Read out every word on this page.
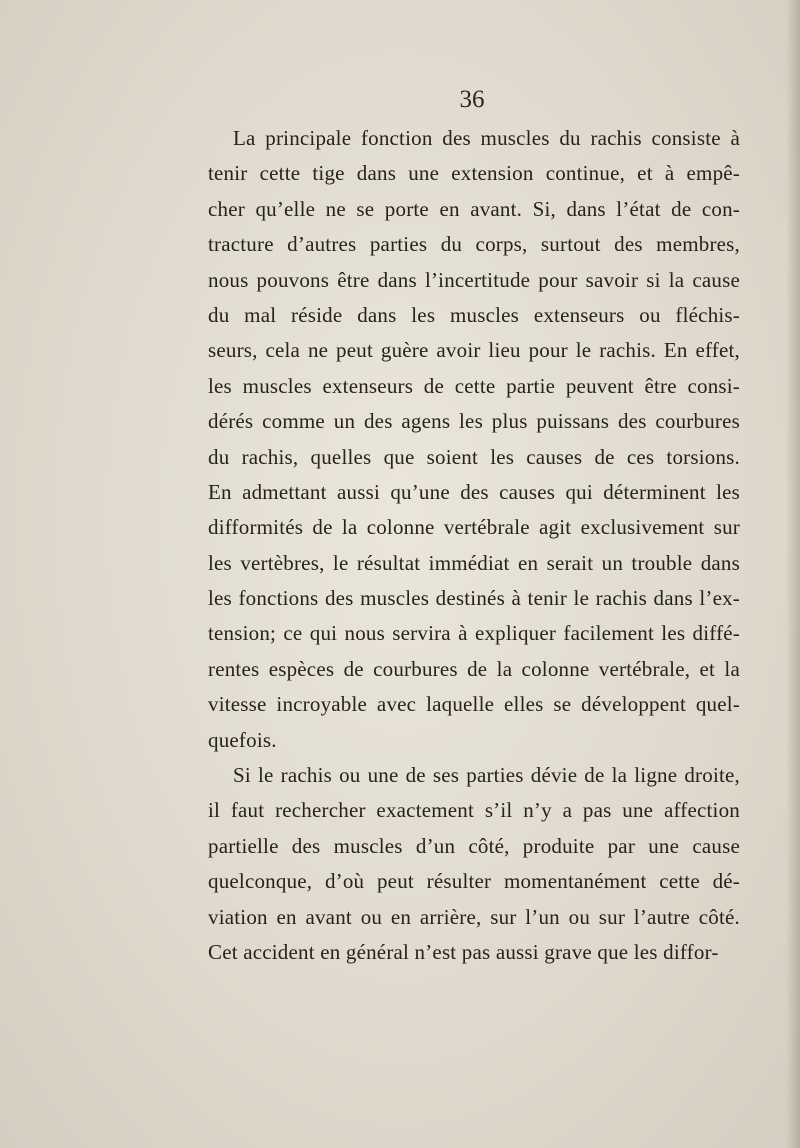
36
La principale fonction des muscles du rachis consiste à
tenir cette tige dans une extension continue, et à empê-
cher qu’elle ne se porte en avant. Si, dans l’état de con-
tracture d’autres parties du corps, surtout des membres,
nous pouvons être dans l’incertitude pour savoir si la cause
du mal réside dans les muscles extenseurs ou fléchis-
seurs, cela ne peut guère avoir lieu pour le rachis. En effet,
les muscles extenseurs de cette partie peuvent être consi-
dérés comme un des agens les plus puissans des courbures
du rachis, quelles que soient les causes de ces torsions.
En admettant aussi qu’une des causes qui déterminent les
difformités de la colonne vertébrale agit exclusivement sur
les vertèbres, le résultat immédiat en serait un trouble dans
les fonctions des muscles destinés à tenir le rachis dans l’ex-
tension; ce qui nous servira à expliquer facilement les diffé-
rentes espèces de courbures de la colonne vertébrale, et la
vitesse incroyable avec laquelle elles se développent quel-
quefois.
Si le rachis ou une de ses parties dévie de la ligne droite,
il faut rechercher exactement s’il n’y a pas une affection
partielle des muscles d’un côté, produite par une cause
quelconque, d’où peut résulter momentanément cette dé-
viation en avant ou en arrière, sur l’un ou sur l’autre côté.
Cet accident en général n’est pas aussi grave que les diffor-
